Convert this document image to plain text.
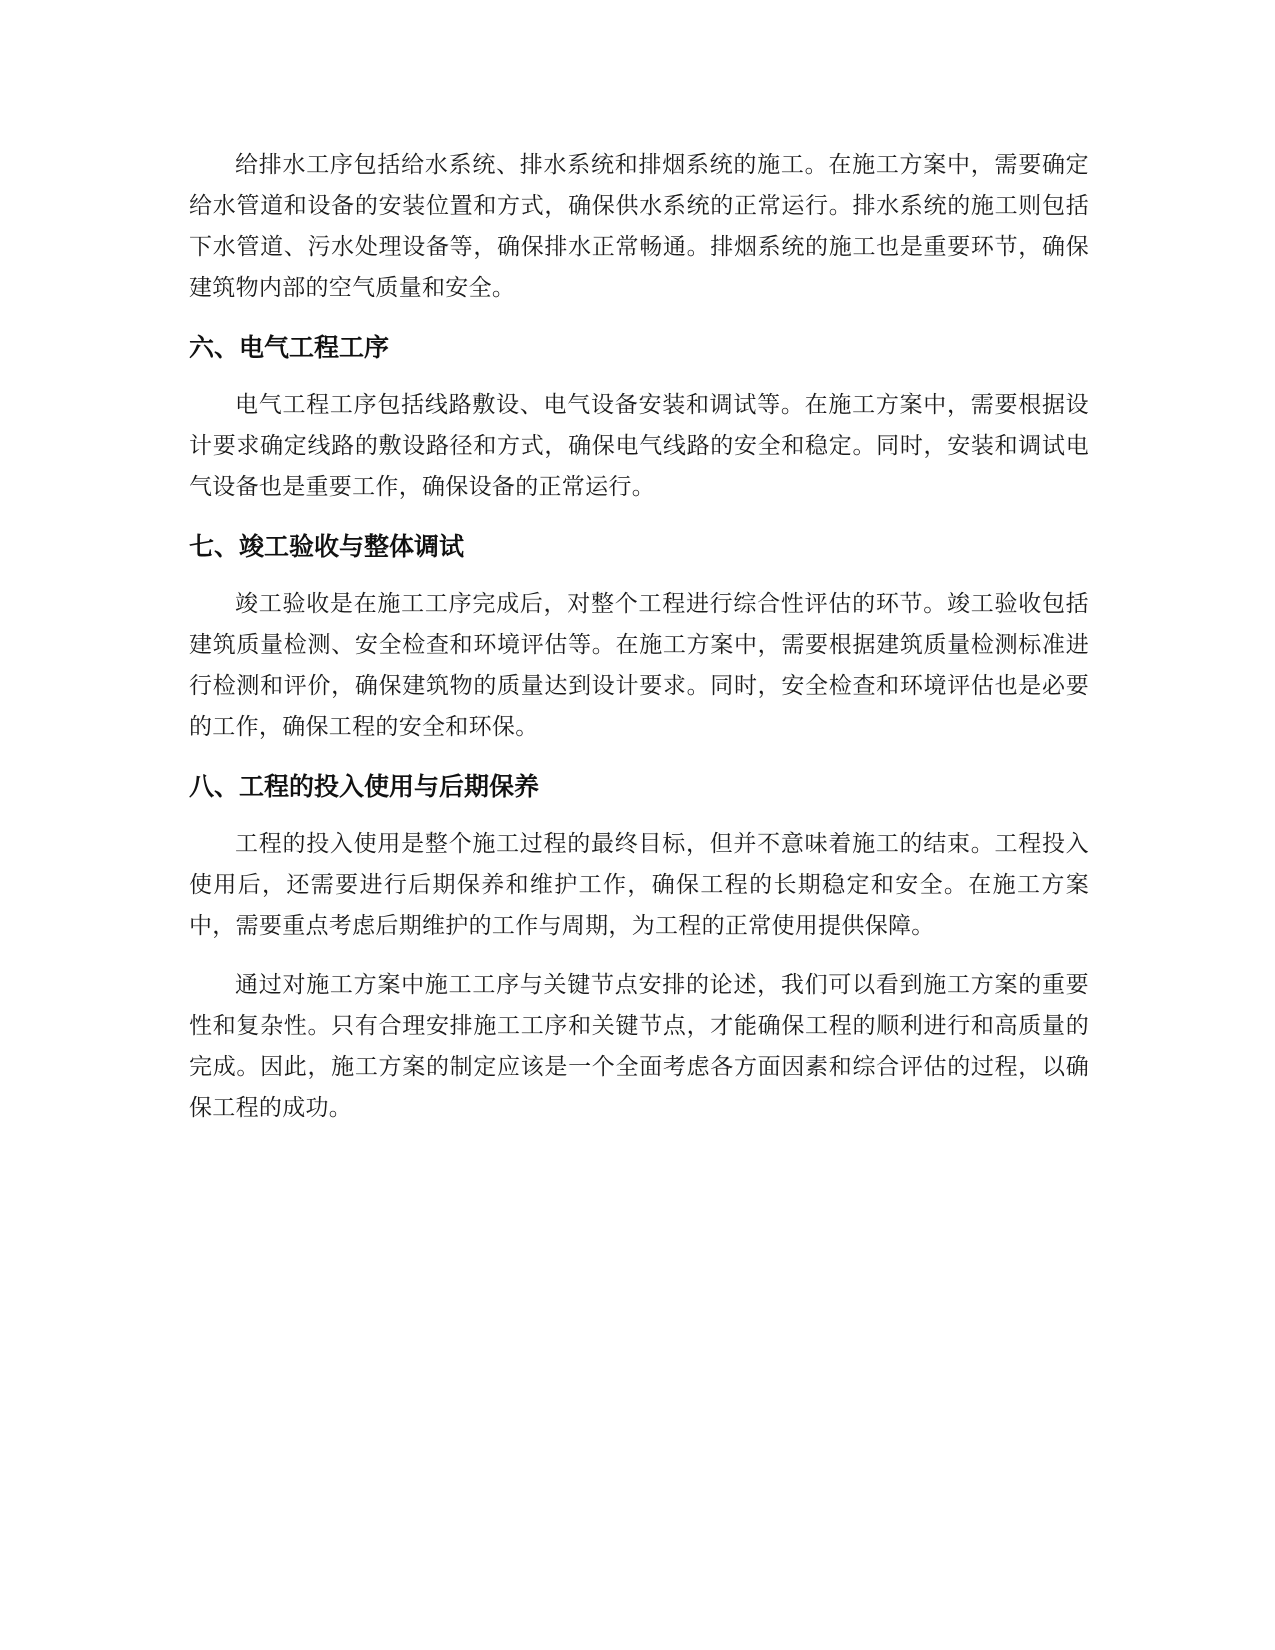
给排水工序包括给水系统、排水系统和排烟系统的施工。在施工方案中，需要确定给水管道和设备的安装位置和方式，确保供水系统的正常运行。排水系统的施工则包括下水管道、污水处理设备等，确保排水正常畅通。排烟系统的施工也是重要环节，确保建筑物内部的空气质量和安全。

六、电气工程工序

电气工程工序包括线路敷设、电气设备安装和调试等。在施工方案中，需要根据设计要求确定线路的敷设路径和方式，确保电气线路的安全和稳定。同时，安装和调试电气设备也是重要工作，确保设备的正常运行。

七、竣工验收与整体调试

竣工验收是在施工工序完成后，对整个工程进行综合性评估的环节。竣工验收包括建筑质量检测、安全检查和环境评估等。在施工方案中，需要根据建筑质量检测标准进行检测和评价，确保建筑物的质量达到设计要求。同时，安全检查和环境评估也是必要的工作，确保工程的安全和环保。

八、工程的投入使用与后期保养

工程的投入使用是整个施工过程的最终目标，但并不意味着施工的结束。工程投入使用后，还需要进行后期保养和维护工作，确保工程的长期稳定和安全。在施工方案中，需要重点考虑后期维护的工作与周期，为工程的正常使用提供保障。

通过对施工方案中施工工序与关键节点安排的论述，我们可以看到施工方案的重要性和复杂性。只有合理安排施工工序和关键节点，才能确保工程的顺利进行和高质量的完成。因此，施工方案的制定应该是一个全面考虑各方面因素和综合评估的过程，以确保工程的成功。
